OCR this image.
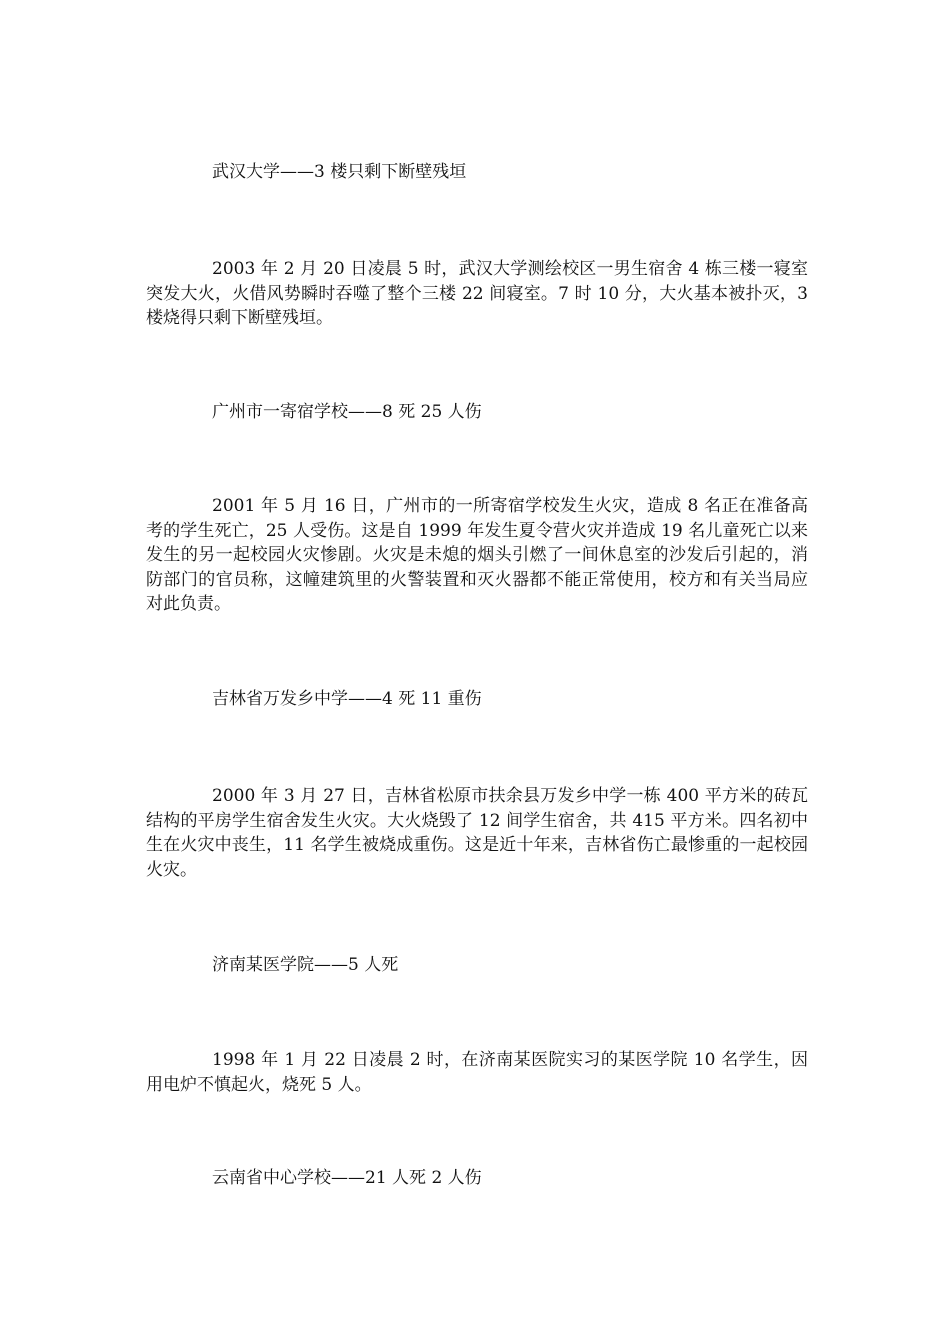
武汉大学——3 楼只剩下断壁残垣

2003 年 2 月 20 日凌晨 5 时，武汉大学测绘校区一男生宿舍 4 栋三楼一寝室突发大火，火借风势瞬时吞噬了整个三楼 22 间寝室。7 时 10 分，大火基本被扑灭，3 楼烧得只剩下断壁残垣。

广州市一寄宿学校——8 死 25 人伤

2001 年 5 月 16 日，广州市的一所寄宿学校发生火灾，造成 8 名正在准备高考的学生死亡，25 人受伤。这是自 1999 年发生夏令营火灾并造成 19 名儿童死亡以来发生的另一起校园火灾惨剧。火灾是未熄的烟头引燃了一间休息室的沙发后引起的，消防部门的官员称，这幢建筑里的火警装置和灭火器都不能正常使用，校方和有关当局应对此负责。

吉林省万发乡中学——4 死 11 重伤

2000 年 3 月 27 日，吉林省松原市扶余县万发乡中学一栋 400 平方米的砖瓦结构的平房学生宿舍发生火灾。大火烧毁了 12 间学生宿舍，共 415 平方米。四名初中生在火灾中丧生，11 名学生被烧成重伤。这是近十年来，吉林省伤亡最惨重的一起校园火灾。

济南某医学院——5 人死

1998 年 1 月 22 日凌晨 2 时，在济南某医院实习的某医学院 10 名学生，因用电炉不慎起火，烧死 5 人。

云南省中心学校——21 人死 2 人伤
